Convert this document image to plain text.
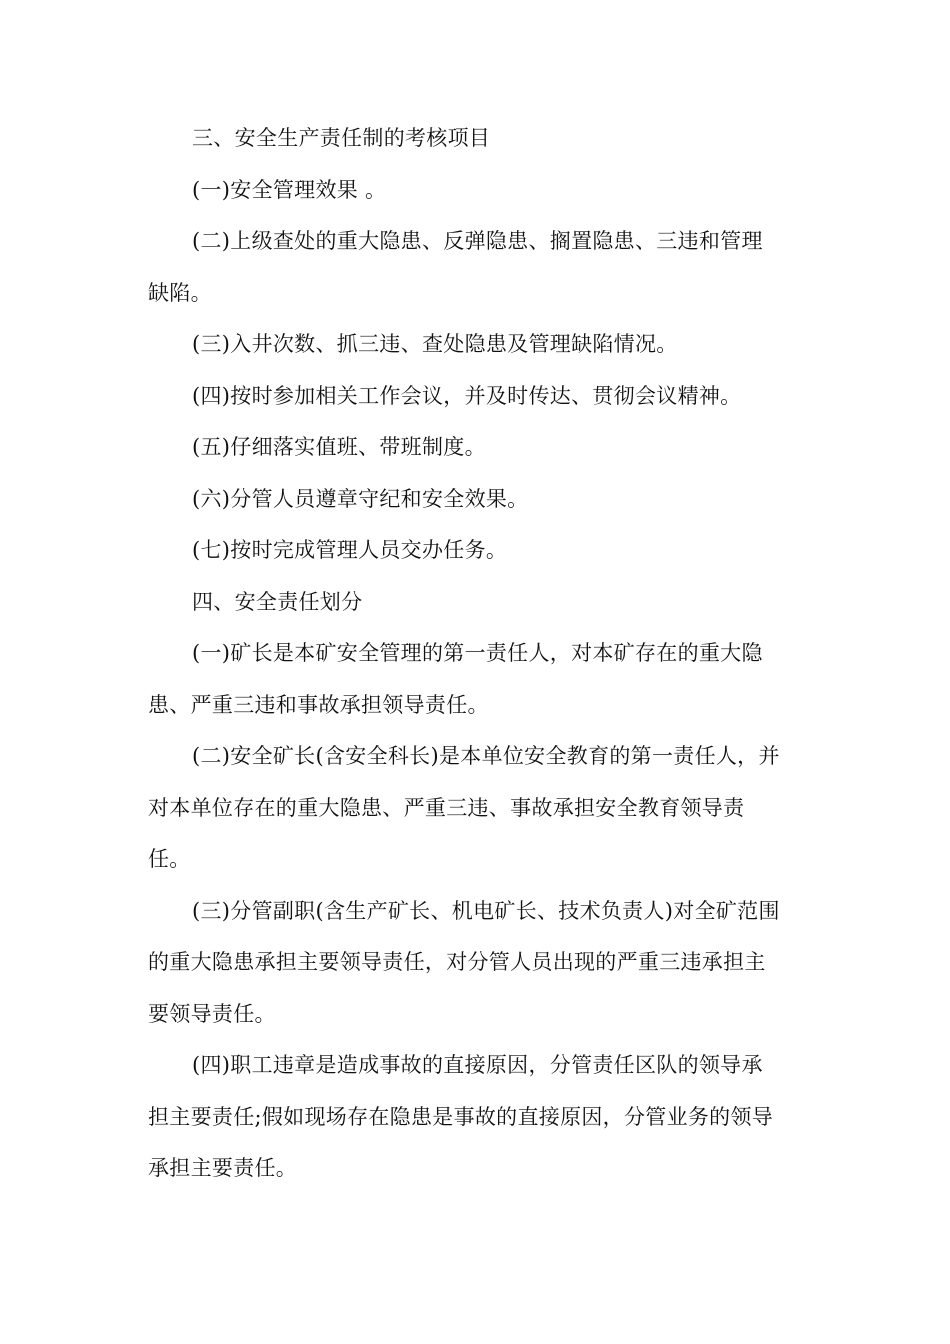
三、安全生产责任制的考核项目

(一)安全管理效果 。

(二)上级查处的重大隐患、反弹隐患、搁置隐患、三违和管理
缺陷。

(三)入井次数、抓三违、查处隐患及管理缺陷情况。

(四)按时参加相关工作会议，并及时传达、贯彻会议精神。

(五)仔细落实值班、带班制度。

(六)分管人员遵章守纪和安全效果。

(七)按时完成管理人员交办任务。

四、安全责任划分

(一)矿长是本矿安全管理的第一责任人，对本矿存在的重大隐
患、严重三违和事故承担领导责任。

(二)安全矿长(含安全科长)是本单位安全教育的第一责任人，并
对本单位存在的重大隐患、严重三违、事故承担安全教育领导责
任。

(三)分管副职(含生产矿长、机电矿长、技术负责人)对全矿范围
的重大隐患承担主要领导责任，对分管人员出现的严重三违承担主
要领导责任。

(四)职工违章是造成事故的直接原因，分管责任区队的领导承
担主要责任;假如现场存在隐患是事故的直接原因，分管业务的领导
承担主要责任。
